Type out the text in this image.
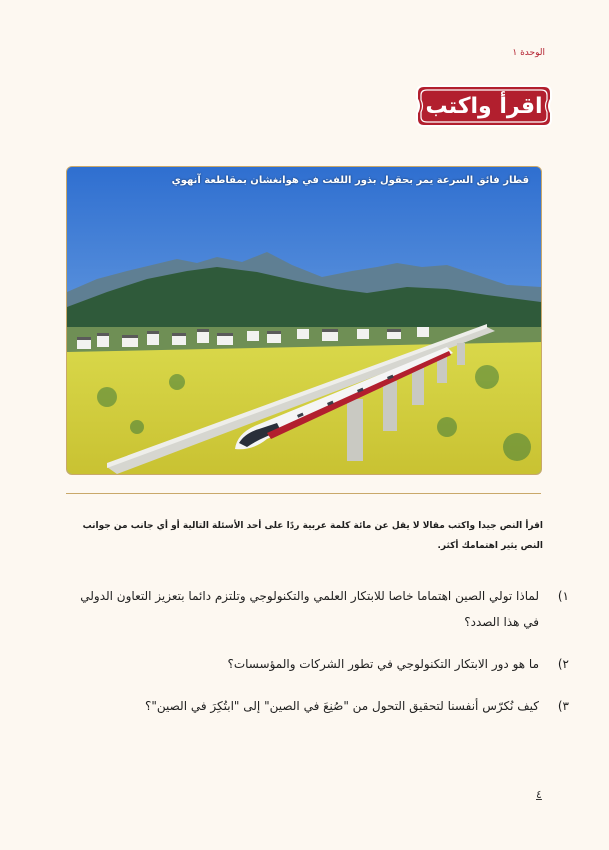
الوحدة ١
اقرأ واكتب
قطار فائق السرعة يمر بحقول بذور اللفت في هوانغشان بمقاطعة آنهوي
اقرأ النص جيدا واكتب مقالا لا يقل عن مائة كلمة عربية ردًا على أحد الأسئلة التالية أو أي جانب من جوانب النص يثير اهتمامك أكثر.
١)
لماذا تولي الصين اهتماما خاصا للابتكار العلمي والتكنولوجي وتلتزم دائما بتعزيز التعاون الدولي في هذا الصدد؟
٢)
ما هو دور الابتكار التكنولوجي في تطور الشركات والمؤسسات؟
٣)
كيف نُكرّس أنفسنا لتحقيق التحول من "صُنِعَ في الصين" إلى "ابتُكِرَ في الصين"؟
٤
